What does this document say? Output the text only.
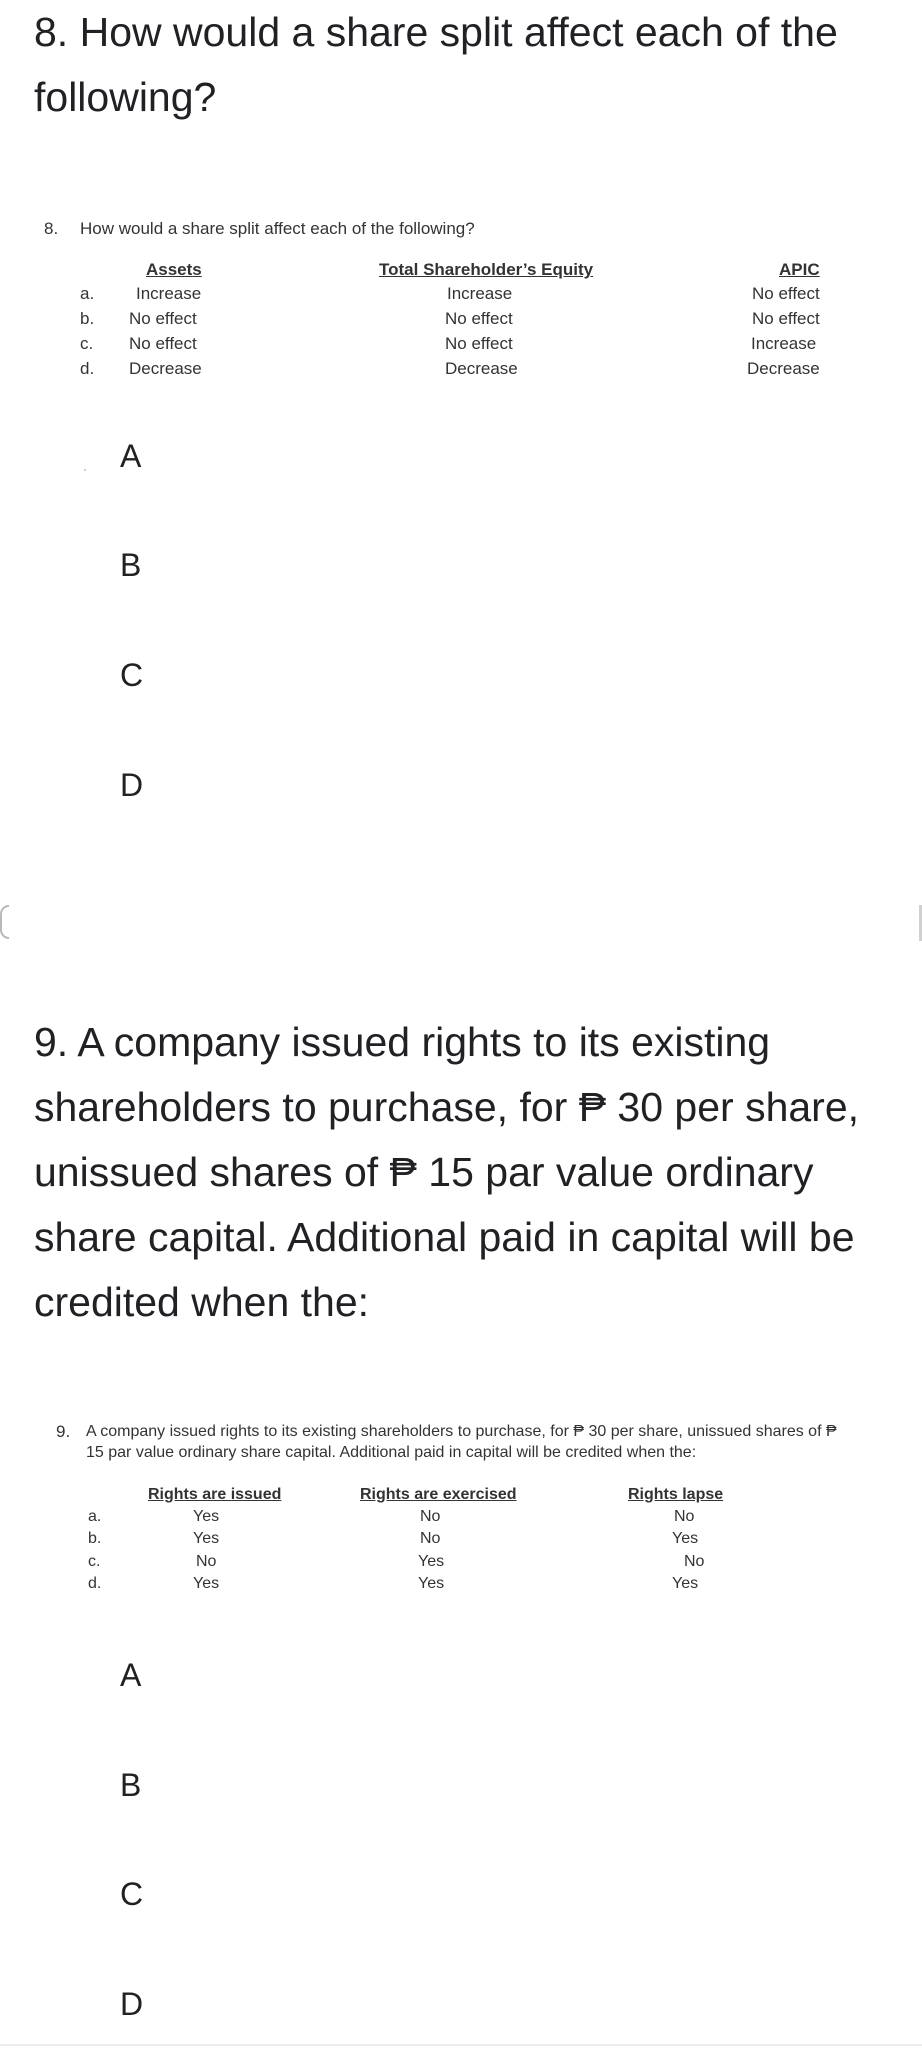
8. How would a share split affect each of the following?
8. How would a share split affect each of the following?
Assets	Total Shareholder’s Equity	APIC
a. Increase	Increase	No effect
b. No effect	No effect	No effect
c. No effect	No effect	Increase
d. Decrease	Decrease	Decrease
A
B
C
D
9. A company issued rights to its existing shareholders to purchase, for ₱ 30 per share, unissued shares of ₱ 15 par value ordinary share capital. Additional paid in capital will be credited when the:
9. A company issued rights to its existing shareholders to purchase, for ₱ 30 per share, unissued shares of ₱ 15 par value ordinary share capital. Additional paid in capital will be credited when the:
Rights are issued	Rights are exercised	Rights lapse
a.	Yes	No	No
b.	Yes	No	Yes
c.	No	Yes	No
d.	Yes	Yes	Yes
A
B
C
D
